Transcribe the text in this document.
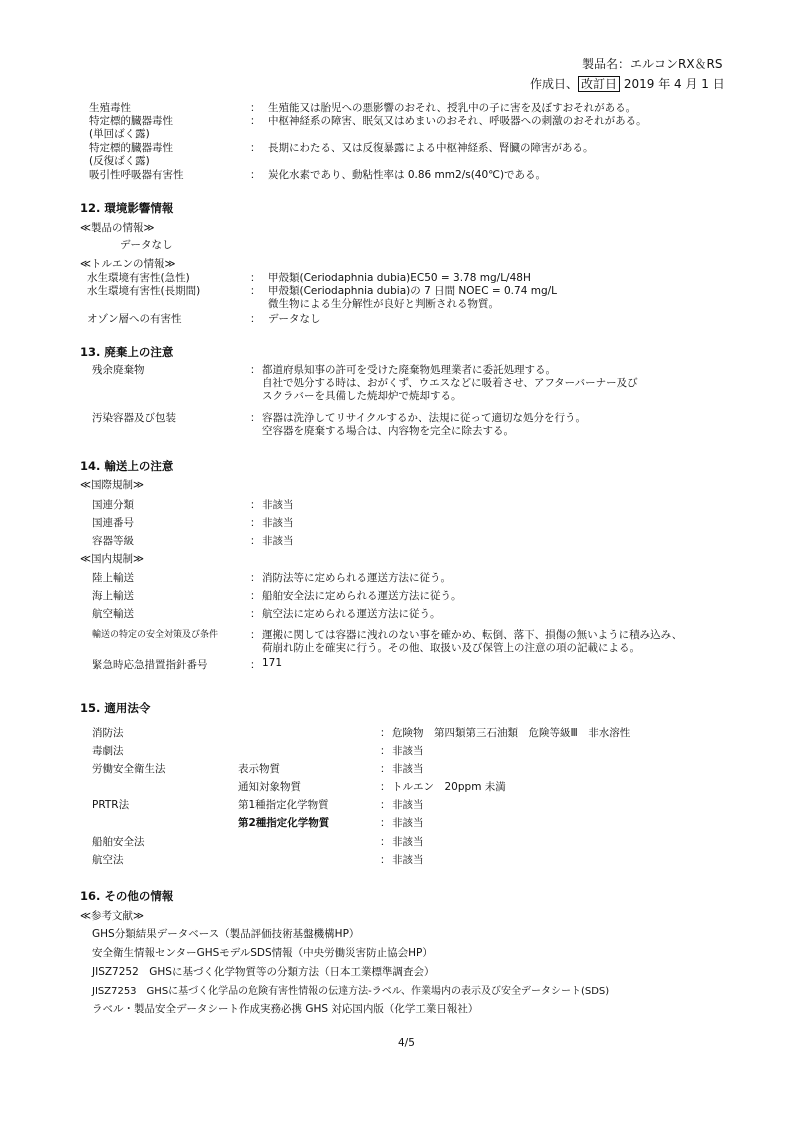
製品名：エルコンRX＆RS
作成日、 改訂日 2019 年 4 月 1 日
生殖毒性	： 生殖能又は胎児への悪影響のおそれ、授乳中の子に害を及ぼすおそれがある。
特定標的臓器毒性
(単回ばく露)
： 中枢神経系の障害、眠気又はめまいのおそれ、呼吸器への刺激のおそれがある。
特定標的臓器毒性
(反復ばく露)
： 長期にわたる、又は反復暴露による中枢神経系、腎臓の障害がある。
吸引性呼吸器有害性	： 炭化水素であり、動粘性率は 0.86 mm2/s(40℃)である。
12. 環境影響情報
≪製品の情報≫
データなし
≪トルエンの情報≫
水生環境有害性(急性)	： 甲殻類(Ceriodaphnia dubia)EC50 = 3.78 mg/L/48H
水生環境有害性(長期間)	： 甲殻類(Ceriodaphnia dubia)の 7 日間 NOEC = 0.74 mg/L
微生物による生分解性が良好と判断される物質。
オゾン層への有害性	： データなし
13. 廃棄上の注意
残余廃棄物	： 都道府県知事の許可を受けた廃棄物処理業者に委託処理する。
自社で処分する時は、おがくず、ウエスなどに吸着させ、アフターバーナー及び
スクラバーを具備した焼却炉で焼却する。
汚染容器及び包装	： 容器は洗浄してリサイクルするか、法規に従って適切な処分を行う。
空容器を廃棄する場合は、内容物を完全に除去する。
14. 輸送上の注意
≪国際規制≫
国連分類	： 非該当
国連番号	： 非該当
容器等級	： 非該当
≪国内規制≫
陸上輸送	： 消防法等に定められる運送方法に従う。
海上輸送	： 船舶安全法に定められる運送方法に従う。
航空輸送	： 航空法に定められる運送方法に従う。
輸送の特定の安全対策及び条件	： 運搬に関しては容器に洩れのない事を確かめ、転倒、落下、損傷の無いように積み込み、
荷崩れ防止を確実に行う。その他、取扱い及び保管上の注意の項の記載による。
緊急時応急措置指針番号	： 171
15. 適用法令
消防法	： 危険物　第四類第三石油類　危険等級Ⅲ　非水溶性
毒劇法	： 非該当
労働安全衛生法	表示物質	： 非該当
通知対象物質	： トルエン　20ppm 未満
PRTR法	第1種指定化学物質	： 非該当
第2種指定化学物質	： 非該当
船舶安全法	： 非該当
航空法	： 非該当
16. その他の情報
≪参考文献≫
GHS分類結果データベース（製品評価技術基盤機構HP）
安全衛生情報センターGHSモデルSDS情報（中央労働災害防止協会HP）
JISZ7252　GHSに基づく化学物質等の分類方法（日本工業標準調査会）
JISZ7253　GHSに基づく化学品の危険有害性情報の伝達方法-ラベル、作業場内の表示及び安全データシート(SDS)
ラベル・製品安全データシート作成実務必携 GHS 対応国内版（化学工業日報社）
4/5
